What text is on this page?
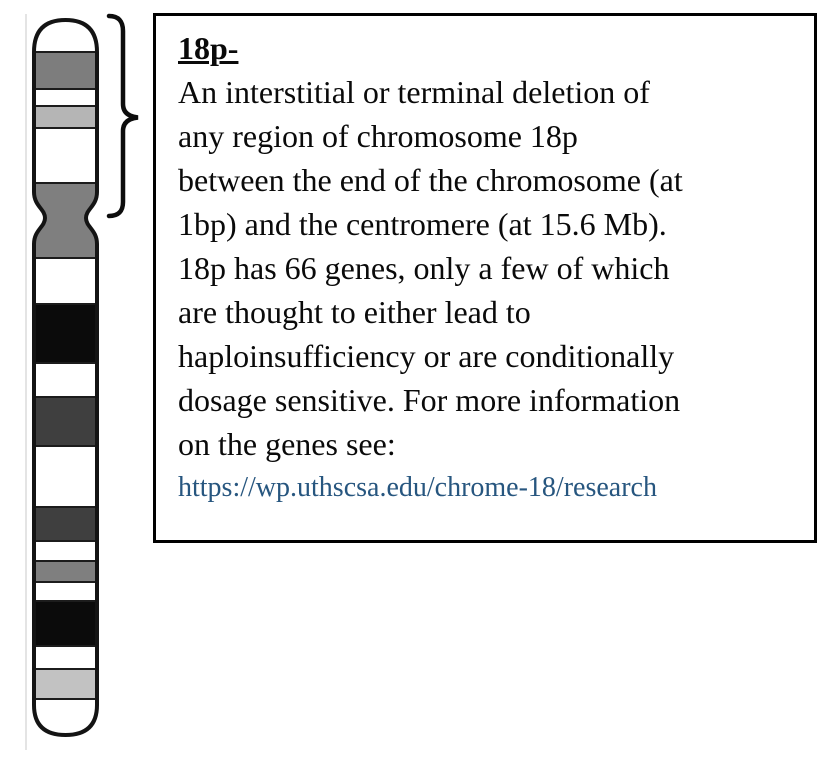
18p-
An interstitial or terminal deletion of
any region of chromosome 18p
between the end of the chromosome (at
1bp) and the centromere (at 15.6 Mb).
18p has 66 genes, only a few of which
are thought to either lead to
haploinsufficiency or are conditionally
dosage sensitive. For more information
on the genes see:
https://wp.uthscsa.edu/chrome-18/research
